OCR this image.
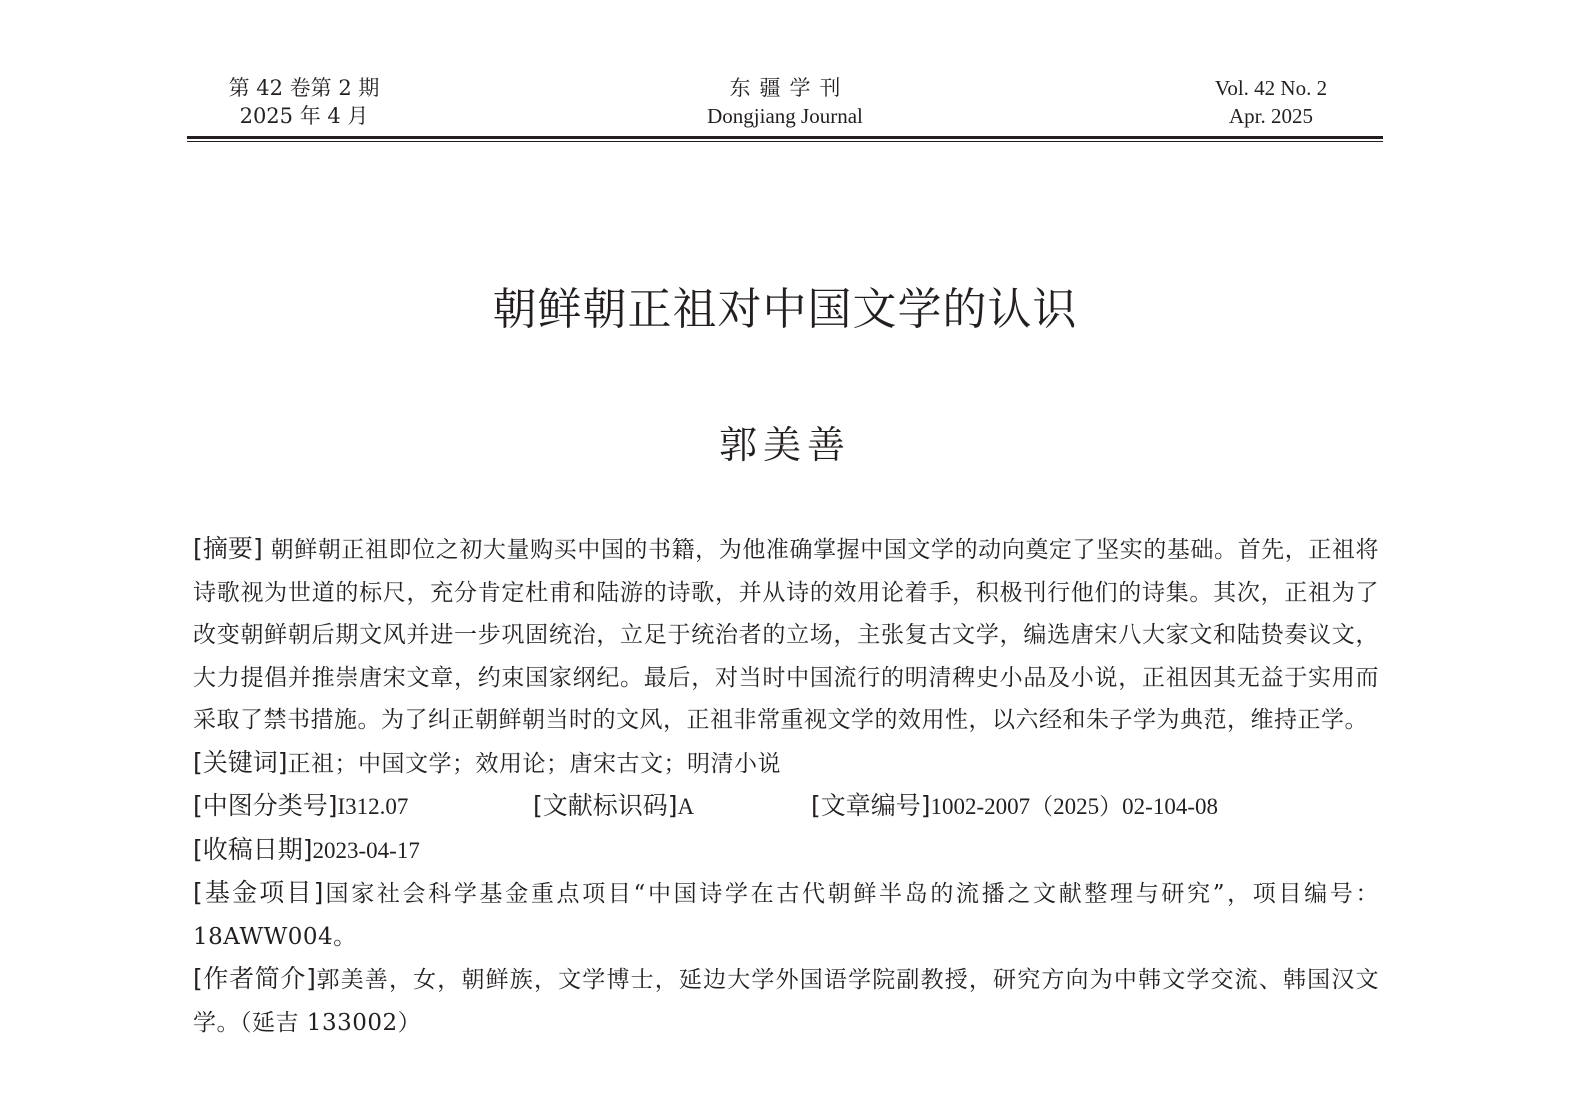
第 42 卷第 2 期
2025 年 4 月
东疆学刊
Dongjiang Journal
Vol. 42 No. 2
Apr. 2025
朝鲜朝正祖对中国文学的认识
郭美善

[摘要] 朝鲜朝正祖即位之初大量购买中国的书籍，为他准确掌握中国文学的动向奠定了坚实的基础。首先，正祖将诗歌视为世道的标尺，充分肯定杜甫和陆游的诗歌，并从诗的效用论着手，积极刊行他们的诗集。其次，正祖为了改变朝鲜朝后期文风并进一步巩固统治，立足于统治者的立场，主张复古文学，编选唐宋八大家文和陆贽奏议文，大力提倡并推崇唐宋文章，约束国家纲纪。最后，对当时中国流行的明清稗史小品及小说，正祖因其无益于实用而采取了禁书措施。为了纠正朝鲜朝当时的文风，正祖非常重视文学的效用性，以六经和朱子学为典范，维持正学。

[关键词]正祖；中国文学；效用论；唐宋古文；明清小说

[中图分类号]I312.07	[文献标识码]A	[文章编号]1002-2007（2025）02-104-08

[收稿日期]2023-04-17

[基金项目]国家社会科学基金重点项目“中国诗学在古代朝鲜半岛的流播之文献整理与研究”，项目编号：18AWW004。

[作者简介]郭美善，女，朝鲜族，文学博士，延边大学外国语学院副教授，研究方向为中韩文学交流、韩国汉文学。（延吉 133002）
